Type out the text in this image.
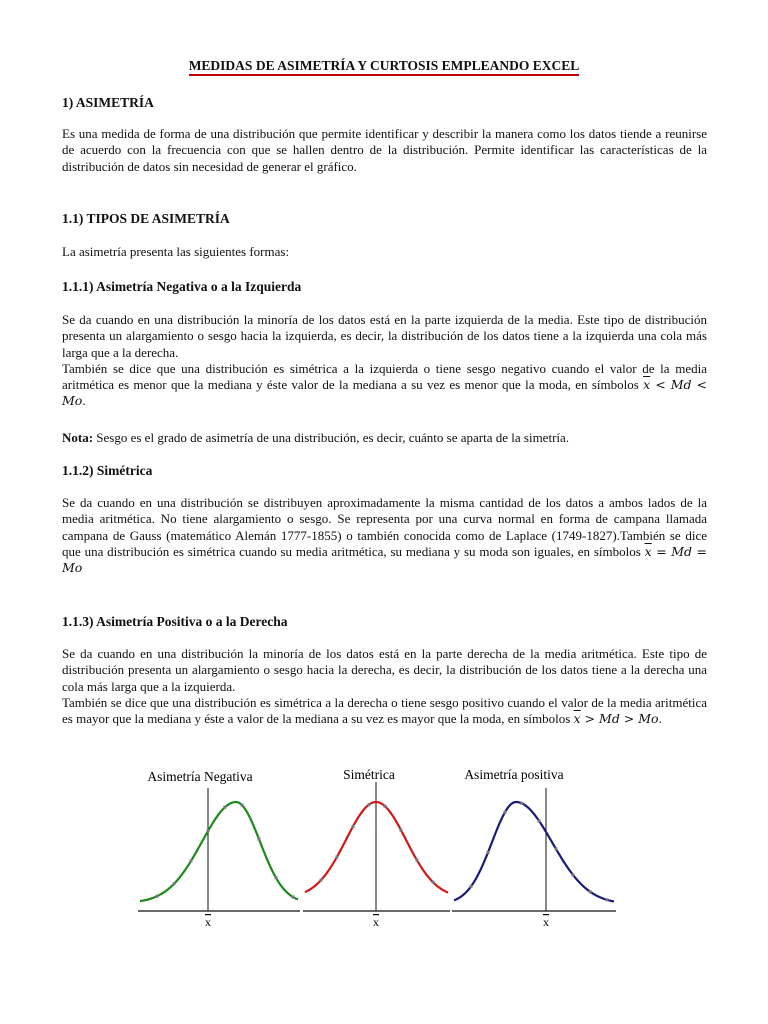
MEDIDAS DE ASIMETRÍA Y CURTOSIS EMPLEANDO EXCEL

1) ASIMETRÍA

Es una medida de forma de una distribución que permite identificar y describir la manera como los datos tiende a reunirse de acuerdo con la frecuencia con que se hallen dentro de la distribución. Permite identificar las características de la distribución de datos sin necesidad de generar el gráfico.

1.1) TIPOS DE ASIMETRÍA

La asimetría presenta las siguientes formas:

1.1.1) Asimetría Negativa o a la Izquierda

Se da cuando en una distribución la minoría de los datos está en la parte izquierda de la media. Este tipo de distribución presenta un alargamiento o sesgo hacia la izquierda, es decir, la distribución de los datos tiene a la izquierda una cola más larga que a la derecha.
También se dice que una distribución es simétrica a la izquierda o tiene sesgo negativo cuando el valor de la media aritmética es menor que la mediana y éste valor de la mediana a su vez es menor que la moda, en símbolos $\overline{x} < Md < Mo$.

Nota: Sesgo es el grado de asimetría de una distribución, es decir, cuánto se aparta de la simetría.

1.1.2) Simétrica

Se da cuando en una distribución se distribuyen aproximadamente la misma cantidad de los datos a ambos lados de la media aritmética. No tiene alargamiento o sesgo. Se representa por una curva normal en forma de campana llamada campana de Gauss (matemático Alemán 1777-1855) o también conocida como de Laplace (1749-1827).También se dice que una distribución es simétrica cuando su media aritmética, su mediana y su moda son iguales, en símbolos $\overline{x} = Md = Mo$

1.1.3) Asimetría Positiva o a la Derecha

Se da cuando en una distribución la minoría de los datos está en la parte derecha de la media aritmética. Este tipo de distribución presenta un alargamiento o sesgo hacia la derecha, es decir, la distribución de los datos tiene a la derecha una cola más larga que a la izquierda.
También se dice que una distribución es simétrica a la derecha o tiene sesgo positivo cuando el valor de la media aritmética es mayor que la mediana y éste a valor de la mediana a su vez es mayor que la moda, en símbolos $\overline{x} > Md > Mo$.
Asimetría Negativa
x
Simétrica
x
Asimetría positiva
x
